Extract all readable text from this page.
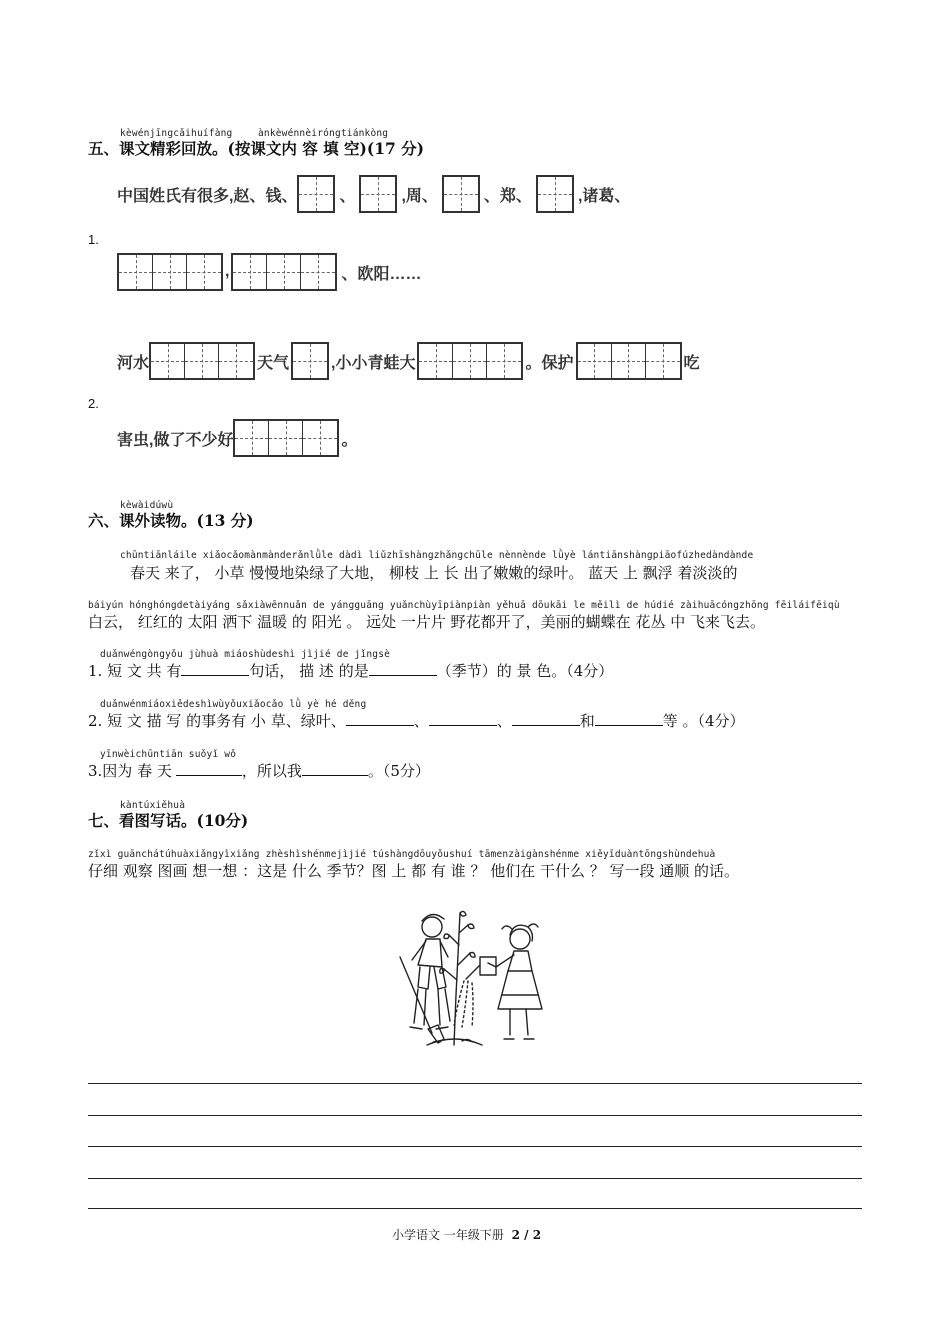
kèwénjīngcǎihuífàng	ànkèwénnèiróngtiánkòng
五、课文精彩回放。(按课文内 容 填 空)(17 分)
中国姓氏有很多,赵、钱、	、	,周、	、郑、	,诸葛、
1.
,	、欧阳……
河水	天气	,小小青蛙大	。保护	吃
2.
害虫,做了不少好	。
kèwàidúwù
六、课外读物。(13 分)
chūntiānláile xiǎocǎomànmànderǎnlǜle dàdì liǔzhīshàngzhǎngchūle nènnènde lǜyè lántiānshàngpiāofúzhedàndànde
春天 来了， 小草 慢慢地染绿了大地， 柳枝 上 长 出了嫩嫩的绿叶。 蓝天 上 飘浮 着淡淡的
báiyún hónghóngdetàiyáng sǎxiàwēnnuǎn de yángguāng yuǎnchùyīpiànpiàn yěhuā dōukāi le měilì de húdié zàihuācóngzhōng fēiláifēiqù
白云， 红红的 太阳 洒下 温暖 的 阳光 。 远处 一片片 野花都开了，美丽的蝴蝶在 花丛 中 飞来飞去。
duǎnwéngòngyǒu jùhuà miáoshùdeshì jìjié de jǐngsè
1. 短 文 共 有	句话， 描 述 的是	（季节）的 景 色。（4分）
duǎnwénmiáoxiědeshìwùyǒuxiǎocǎo lǜ yè hé děng
2. 短 文 描 写 的事务有 小 草、绿叶、	、	、	和	等 。（4分）
yīnwèichūntiān suǒyǐ wǒ
3.因为 春 天	，所以我	。（5分）
kàntúxiěhuà
七、看图写话。(10分)
zǐxì guānchátúhuàxiǎngyìxiǎng zhèshìshénmejìjié túshàngdōuyǒushuí tāmenzàigànshénme xiěyīduàntōngshùndehuà
仔细 观察 图画 想一想 ：这是 什么 季节？图 上 都 有 谁 ？ 他们在 干什么 ？ 写一段 通顺 的话。
小学语文 一年级下册 2 / 2
